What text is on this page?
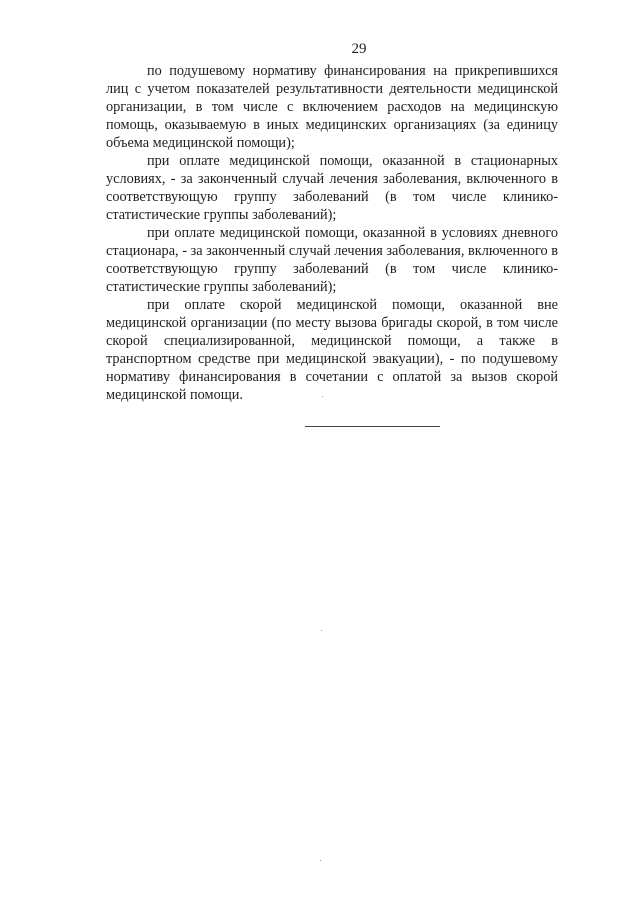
29

по подушевому нормативу финансирования на прикрепившихся лиц с учетом показателей результативности деятельности медицинской организации, в том числе с включением расходов на медицинскую помощь, оказываемую в иных медицинских организациях (за единицу объема медицинской помощи);

при оплате медицинской помощи, оказанной в стационарных условиях, - за законченный случай лечения заболевания, включенного в соответствующую группу заболеваний (в том числе клинико-статистические группы заболеваний);

при оплате медицинской помощи, оказанной в условиях дневного стационара, - за законченный случай лечения заболевания, включенного в соответствующую группу заболеваний (в том числе клинико-статистические группы заболеваний);

при оплате скорой медицинской помощи, оказанной вне медицинской организации (по месту вызова бригады скорой, в том числе скорой специализированной, медицинской помощи, а также в транспортном средстве при медицинской эвакуации), - по подушевому нормативу финансирования в сочетании с оплатой за вызов скорой медицинской помощи.
